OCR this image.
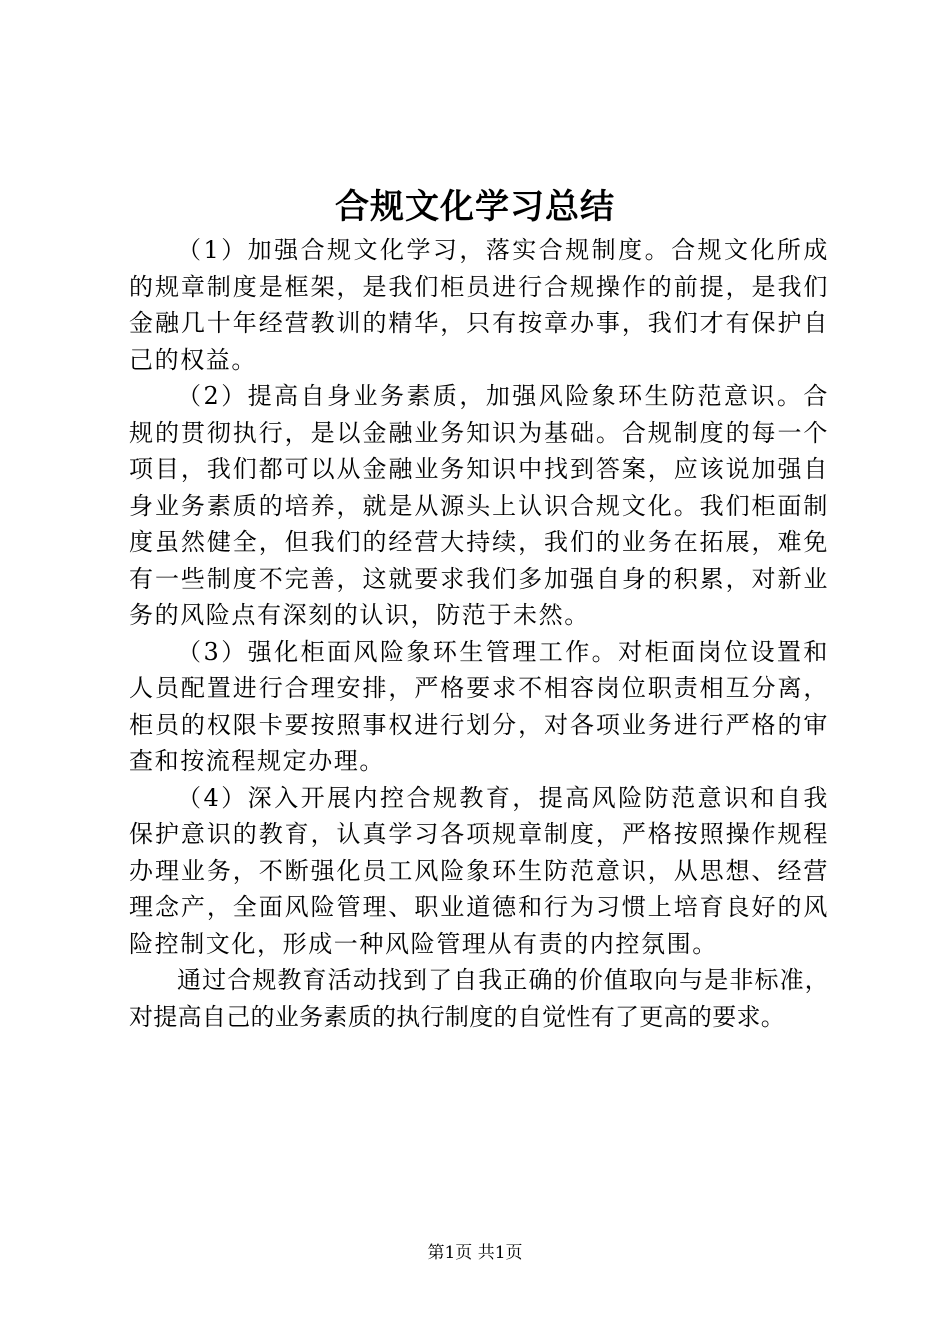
合规文化学习总结

（1）加强合规文化学习，落实合规制度。合规文化所成的规章制度是框架，是我们柜员进行合规操作的前提，是我们金融几十年经营教训的精华，只有按章办事，我们才有保护自己的权益。

（2）提高自身业务素质，加强风险象环生防范意识。合规的贯彻执行，是以金融业务知识为基础。合规制度的每一个项目，我们都可以从金融业务知识中找到答案，应该说加强自身业务素质的培养，就是从源头上认识合规文化。我们柜面制度虽然健全，但我们的经营大持续，我们的业务在拓展，难免有一些制度不完善，这就要求我们多加强自身的积累，对新业务的风险点有深刻的认识，防范于未然。

（3）强化柜面风险象环生管理工作。对柜面岗位设置和人员配置进行合理安排，严格要求不相容岗位职责相互分离，柜员的权限卡要按照事权进行划分，对各项业务进行严格的审查和按流程规定办理。

（4）深入开展内控合规教育，提高风险防范意识和自我保护意识的教育，认真学习各项规章制度，严格按照操作规程办理业务，不断强化员工风险象环生防范意识，从思想、经营理念产，全面风险管理、职业道德和行为习惯上培育良好的风险控制文化，形成一种风险管理从有责的内控氛围。

通过合规教育活动找到了自我正确的价值取向与是非标准，对提高自己的业务素质的执行制度的自觉性有了更高的要求。

第1页 共1页
